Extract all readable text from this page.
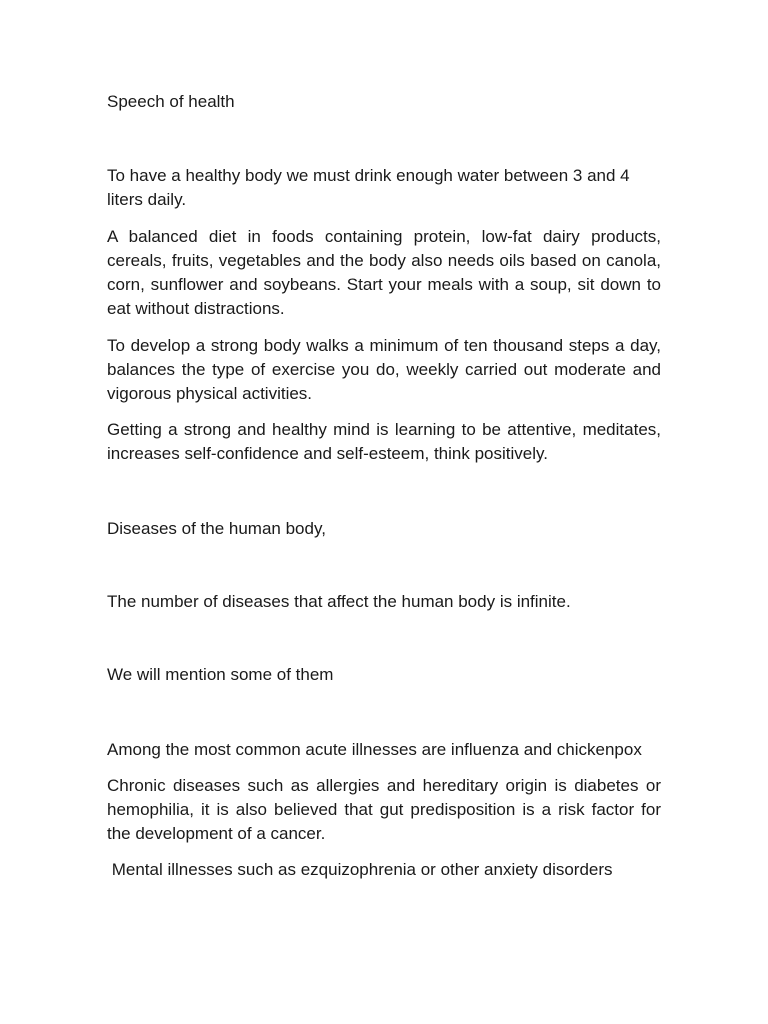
Speech of health

To have a healthy body we must drink enough water between 3 and 4 liters daily.

A balanced diet in foods containing protein, low-fat dairy products, cereals, fruits, vegetables and the body also needs oils based on canola, corn, sunflower and soybeans. Start your meals with a soup, sit down to eat without distractions.

To develop a strong body walks a minimum of ten thousand steps a day, balances the type of exercise you do, weekly carried out moderate and vigorous physical activities.

Getting a strong and healthy mind is learning to be attentive, meditates, increases self-confidence and self-esteem, think positively.

Diseases of the human body,

The number of diseases that affect the human body is infinite.

We will mention some of them

Among the most common acute illnesses are influenza and chickenpox

Chronic diseases such as allergies and hereditary origin is diabetes or hemophilia, it is also believed that gut predisposition is a risk factor for the development of a cancer.

Mental illnesses such as ezquizophrenia or other anxiety disorders
